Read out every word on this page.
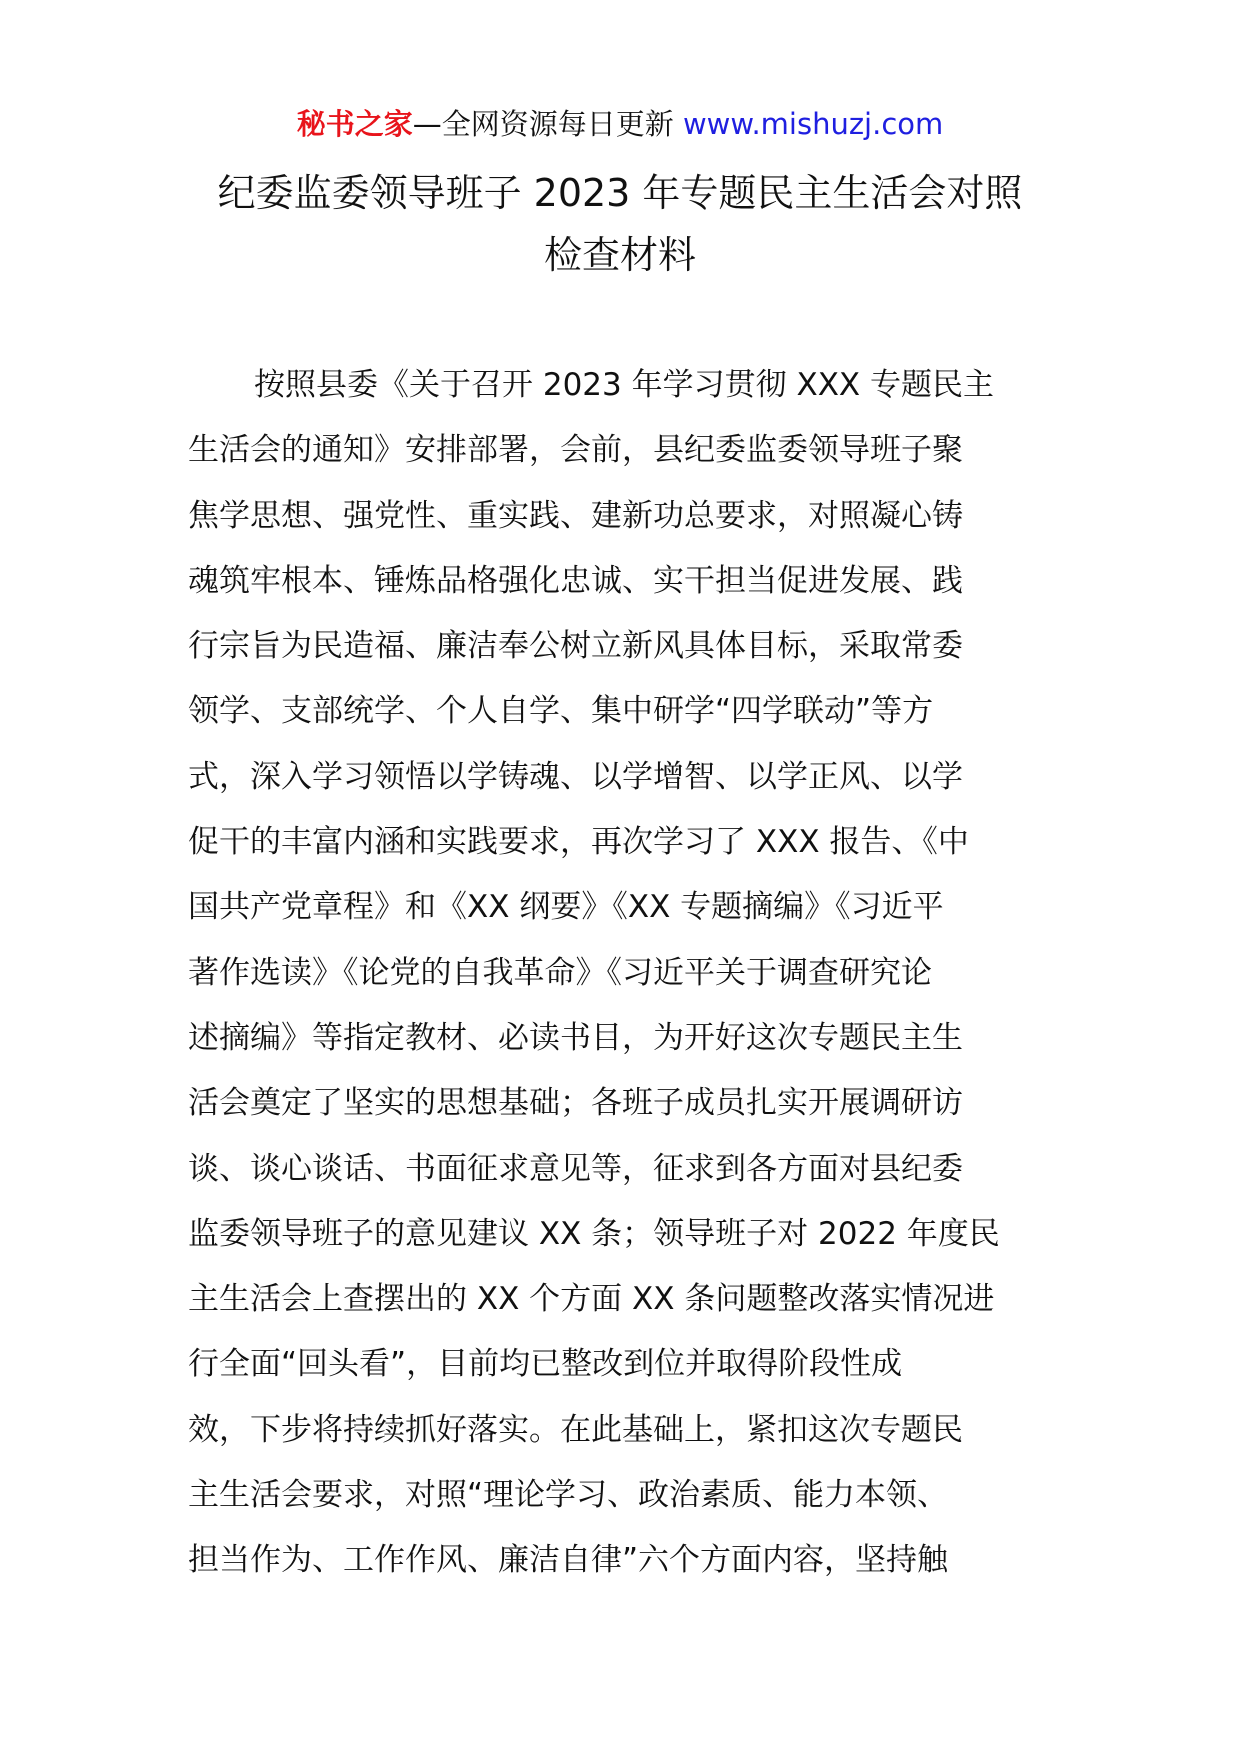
秘书之家—全网资源每日更新 www.mishuzj.com
纪委监委领导班子 2023 年专题民主生活会对照
检查材料
按照县委《关于召开 2023 年学习贯彻 XXX 专题民主
生活会的通知》安排部署，会前，县纪委监委领导班子聚
焦学思想、强党性、重实践、建新功总要求，对照凝心铸
魂筑牢根本、锤炼品格强化忠诚、实干担当促进发展、践
行宗旨为民造福、廉洁奉公树立新风具体目标，采取常委
领学、支部统学、个人自学、集中研学“四学联动”等方
式，深入学习领悟以学铸魂、以学增智、以学正风、以学
促干的丰富内涵和实践要求，再次学习了 XXX 报告、《中
国共产党章程》和《XX 纲要》《XX 专题摘编》《习近平
著作选读》《论党的自我革命》《习近平关于调查研究论
述摘编》等指定教材、必读书目，为开好这次专题民主生
活会奠定了坚实的思想基础；各班子成员扎实开展调研访
谈、谈心谈话、书面征求意见等，征求到各方面对县纪委
监委领导班子的意见建议 XX 条；领导班子对 2022 年度民
主生活会上查摆出的 XX 个方面 XX 条问题整改落实情况进
行全面“回头看”，目前均已整改到位并取得阶段性成
效，下步将持续抓好落实。在此基础上，紧扣这次专题民
主生活会要求，对照“理论学习、政治素质、能力本领、
担当作为、工作作风、廉洁自律”六个方面内容，坚持触
